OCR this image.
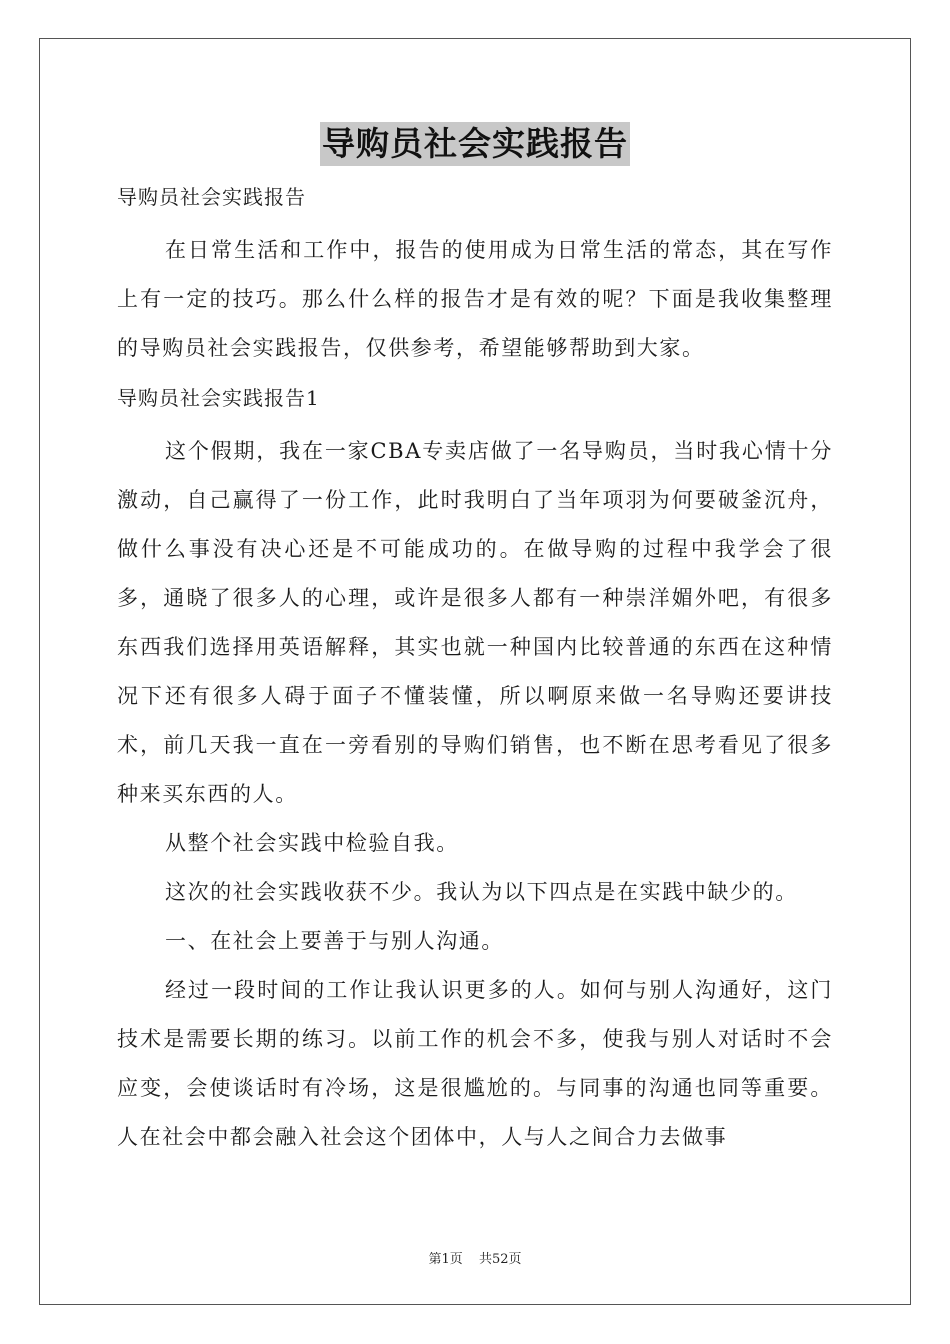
导购员社会实践报告
导购员社会实践报告

在日常生活和工作中，报告的使用成为日常生活的常态，其在写作上有一定的技巧。那么什么样的报告才是有效的呢？下面是我收集整理的导购员社会实践报告，仅供参考，希望能够帮助到大家。

导购员社会实践报告1

这个假期，我在一家CBA专卖店做了一名导购员，当时我心情十分激动，自己赢得了一份工作，此时我明白了当年项羽为何要破釜沉舟，做什么事没有决心还是不可能成功的。在做导购的过程中我学会了很多，通晓了很多人的心理，或许是很多人都有一种崇洋媚外吧，有很多东西我们选择用英语解释，其实也就一种国内比较普通的东西在这种情况下还有很多人碍于面子不懂装懂，所以啊原来做一名导购还要讲技术，前几天我一直在一旁看别的导购们销售，也不断在思考看见了很多种来买东西的人。

从整个社会实践中检验自我。

这次的社会实践收获不少。我认为以下四点是在实践中缺少的。

一、在社会上要善于与别人沟通。

经过一段时间的工作让我认识更多的人。如何与别人沟通好，这门技术是需要长期的练习。以前工作的机会不多，使我与别人对话时不会应变，会使谈话时有冷场，这是很尴尬的。与同事的沟通也同等重要。人在社会中都会融入社会这个团体中，人与人之间合力去做事

第1页 共52页
